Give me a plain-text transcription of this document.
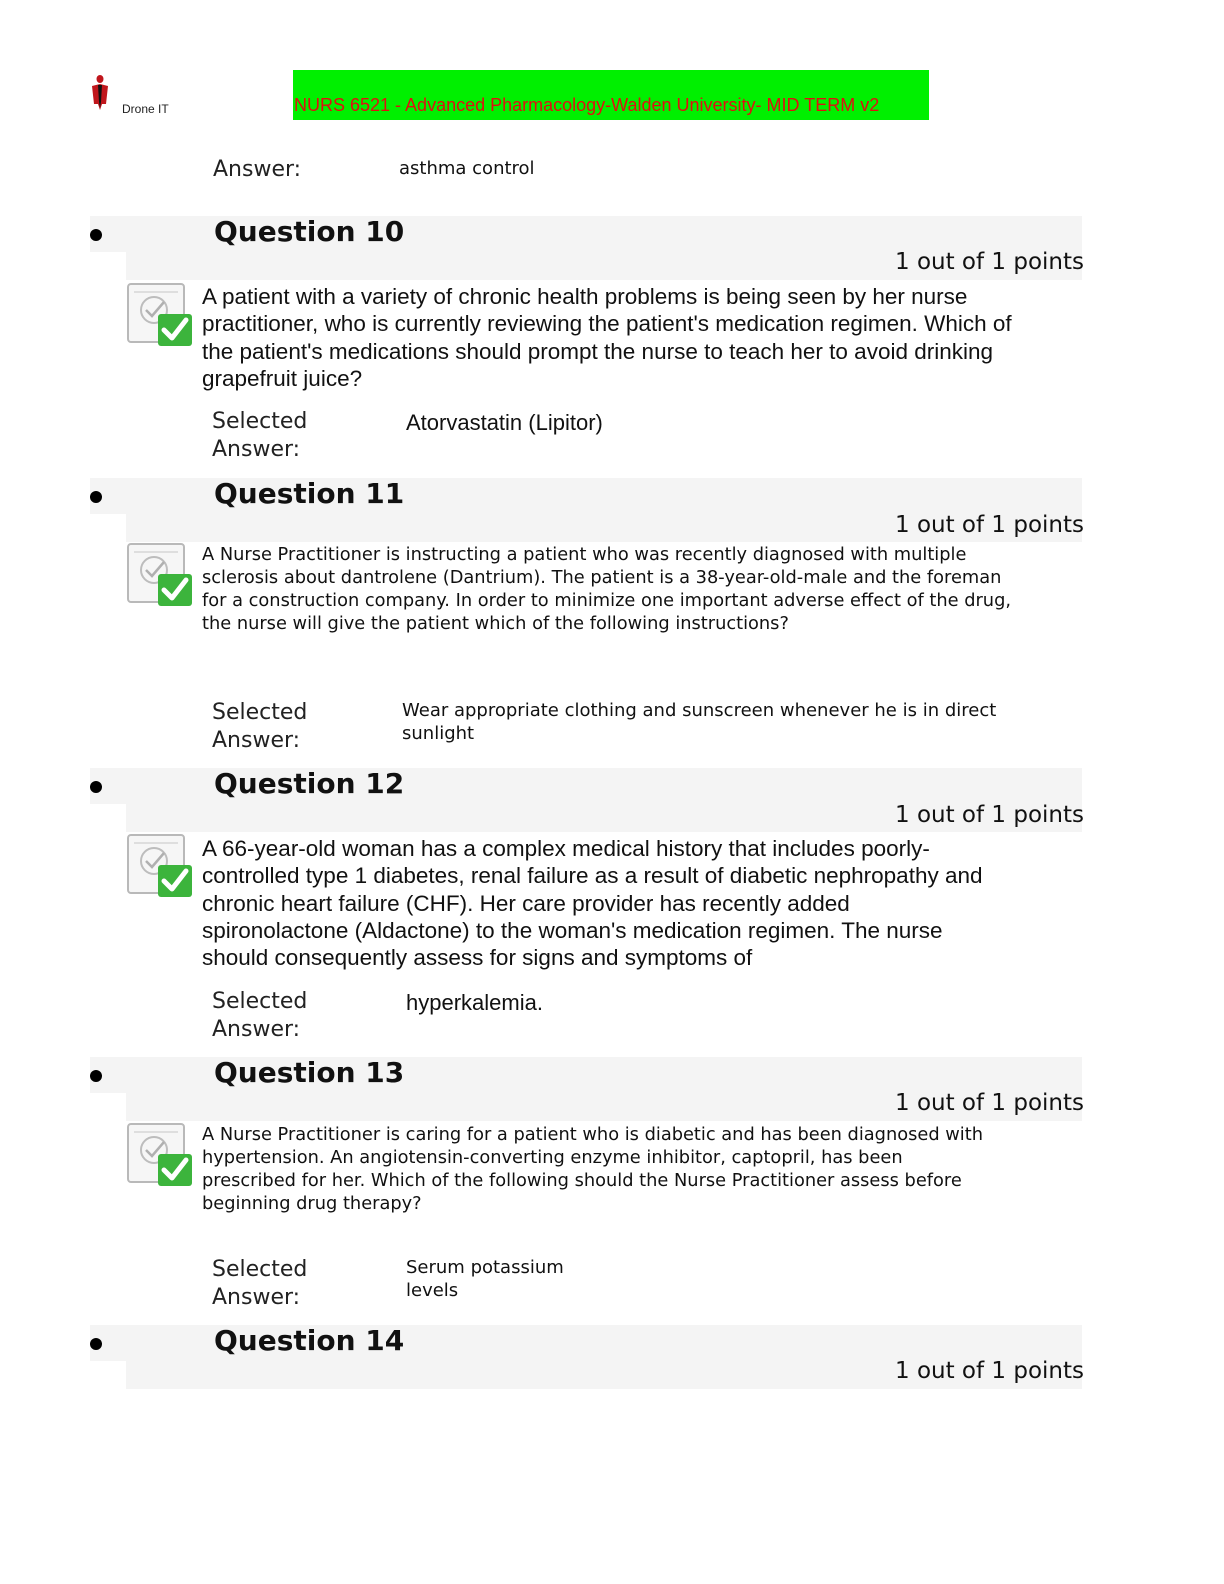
Drone IT	NURS 6521 - Advanced Pharmacology-Walden University- MID TERM v2
Answer:	asthma control
Question 10
1 out of 1 points
A patient with a variety of chronic health problems is being seen by her nurse practitioner, who is currently reviewing the patient's medication regimen. Which of the patient's medications should prompt the nurse to teach her to avoid drinking grapefruit juice?
Selected
Answer:
Atorvastatin (Lipitor)
Question 11
1 out of 1 points
A Nurse Practitioner is instructing a patient who was recently diagnosed with multiple sclerosis about dantrolene (Dantrium). The patient is a 38-year-old-male and the foreman for a construction company. In order to minimize one important adverse effect of the drug, the nurse will give the patient which of the following instructions?
Selected
Answer:
Wear appropriate clothing and sunscreen whenever he is in direct sunlight
Question 12
1 out of 1 points
A 66-year-old woman has a complex medical history that includes poorly-controlled type 1 diabetes, renal failure as a result of diabetic nephropathy and chronic heart failure (CHF). Her care provider has recently added spironolactone (Aldactone) to the woman's medication regimen. The nurse should consequently assess for signs and symptoms of
Selected
Answer:
hyperkalemia.
Question 13
1 out of 1 points
A Nurse Practitioner is caring for a patient who is diabetic and has been diagnosed with hypertension. An angiotensin-converting enzyme inhibitor, captopril, has been prescribed for her. Which of the following should the Nurse Practitioner assess before beginning drug therapy?
Selected
Answer:
Serum potassium levels
Question 14
1 out of 1 points
